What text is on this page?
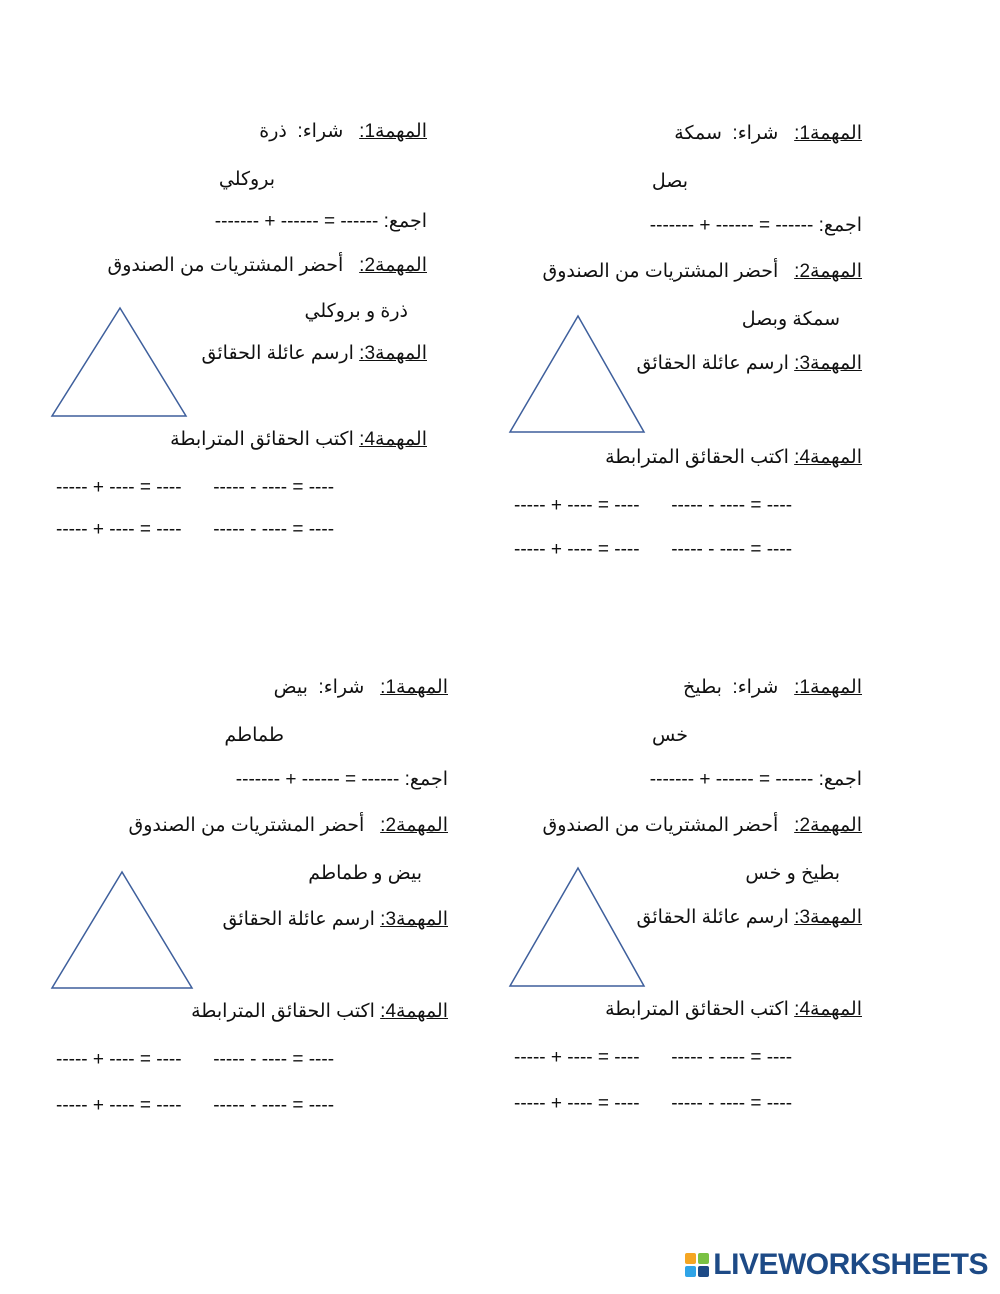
المهمة1:   شراء:  سمكة
بصل
اجمع: ------ = ------ + -------
المهمة2:   أحضر المشتريات من الصندوق
سمكة وبصل
المهمة3: ارسم عائلة الحقائق
المهمة4: اكتب الحقائق المترابطة
----- + ---- = ----      ----- - ---- = ----
----- + ---- = ----      ----- - ---- = ----
المهمة1:   شراء:  ذرة
بروكلي
اجمع: ------ = ------ + -------
المهمة2:   أحضر المشتريات من الصندوق
ذرة و بروكلي
المهمة3: ارسم عائلة الحقائق
المهمة4: اكتب الحقائق المترابطة
----- + ---- = ----      ----- - ---- = ----
----- + ---- = ----      ----- - ---- = ----
المهمة1:   شراء:  بطيخ
خس
اجمع: ------ = ------ + -------
المهمة2:   أحضر المشتريات من الصندوق
بطيخ و خس
المهمة3: ارسم عائلة الحقائق
المهمة4: اكتب الحقائق المترابطة
----- + ---- = ----      ----- - ---- = ----
----- + ---- = ----      ----- - ---- = ----
المهمة1:   شراء:  بيض
طماطم
اجمع: ------ = ------ + -------
المهمة2:   أحضر المشتريات من الصندوق
بيض و طماطم
المهمة3: ارسم عائلة الحقائق
المهمة4: اكتب الحقائق المترابطة
----- + ---- = ----      ----- - ---- = ----
----- + ---- = ----      ----- - ---- = ----
LIVEWORKSHEETS
